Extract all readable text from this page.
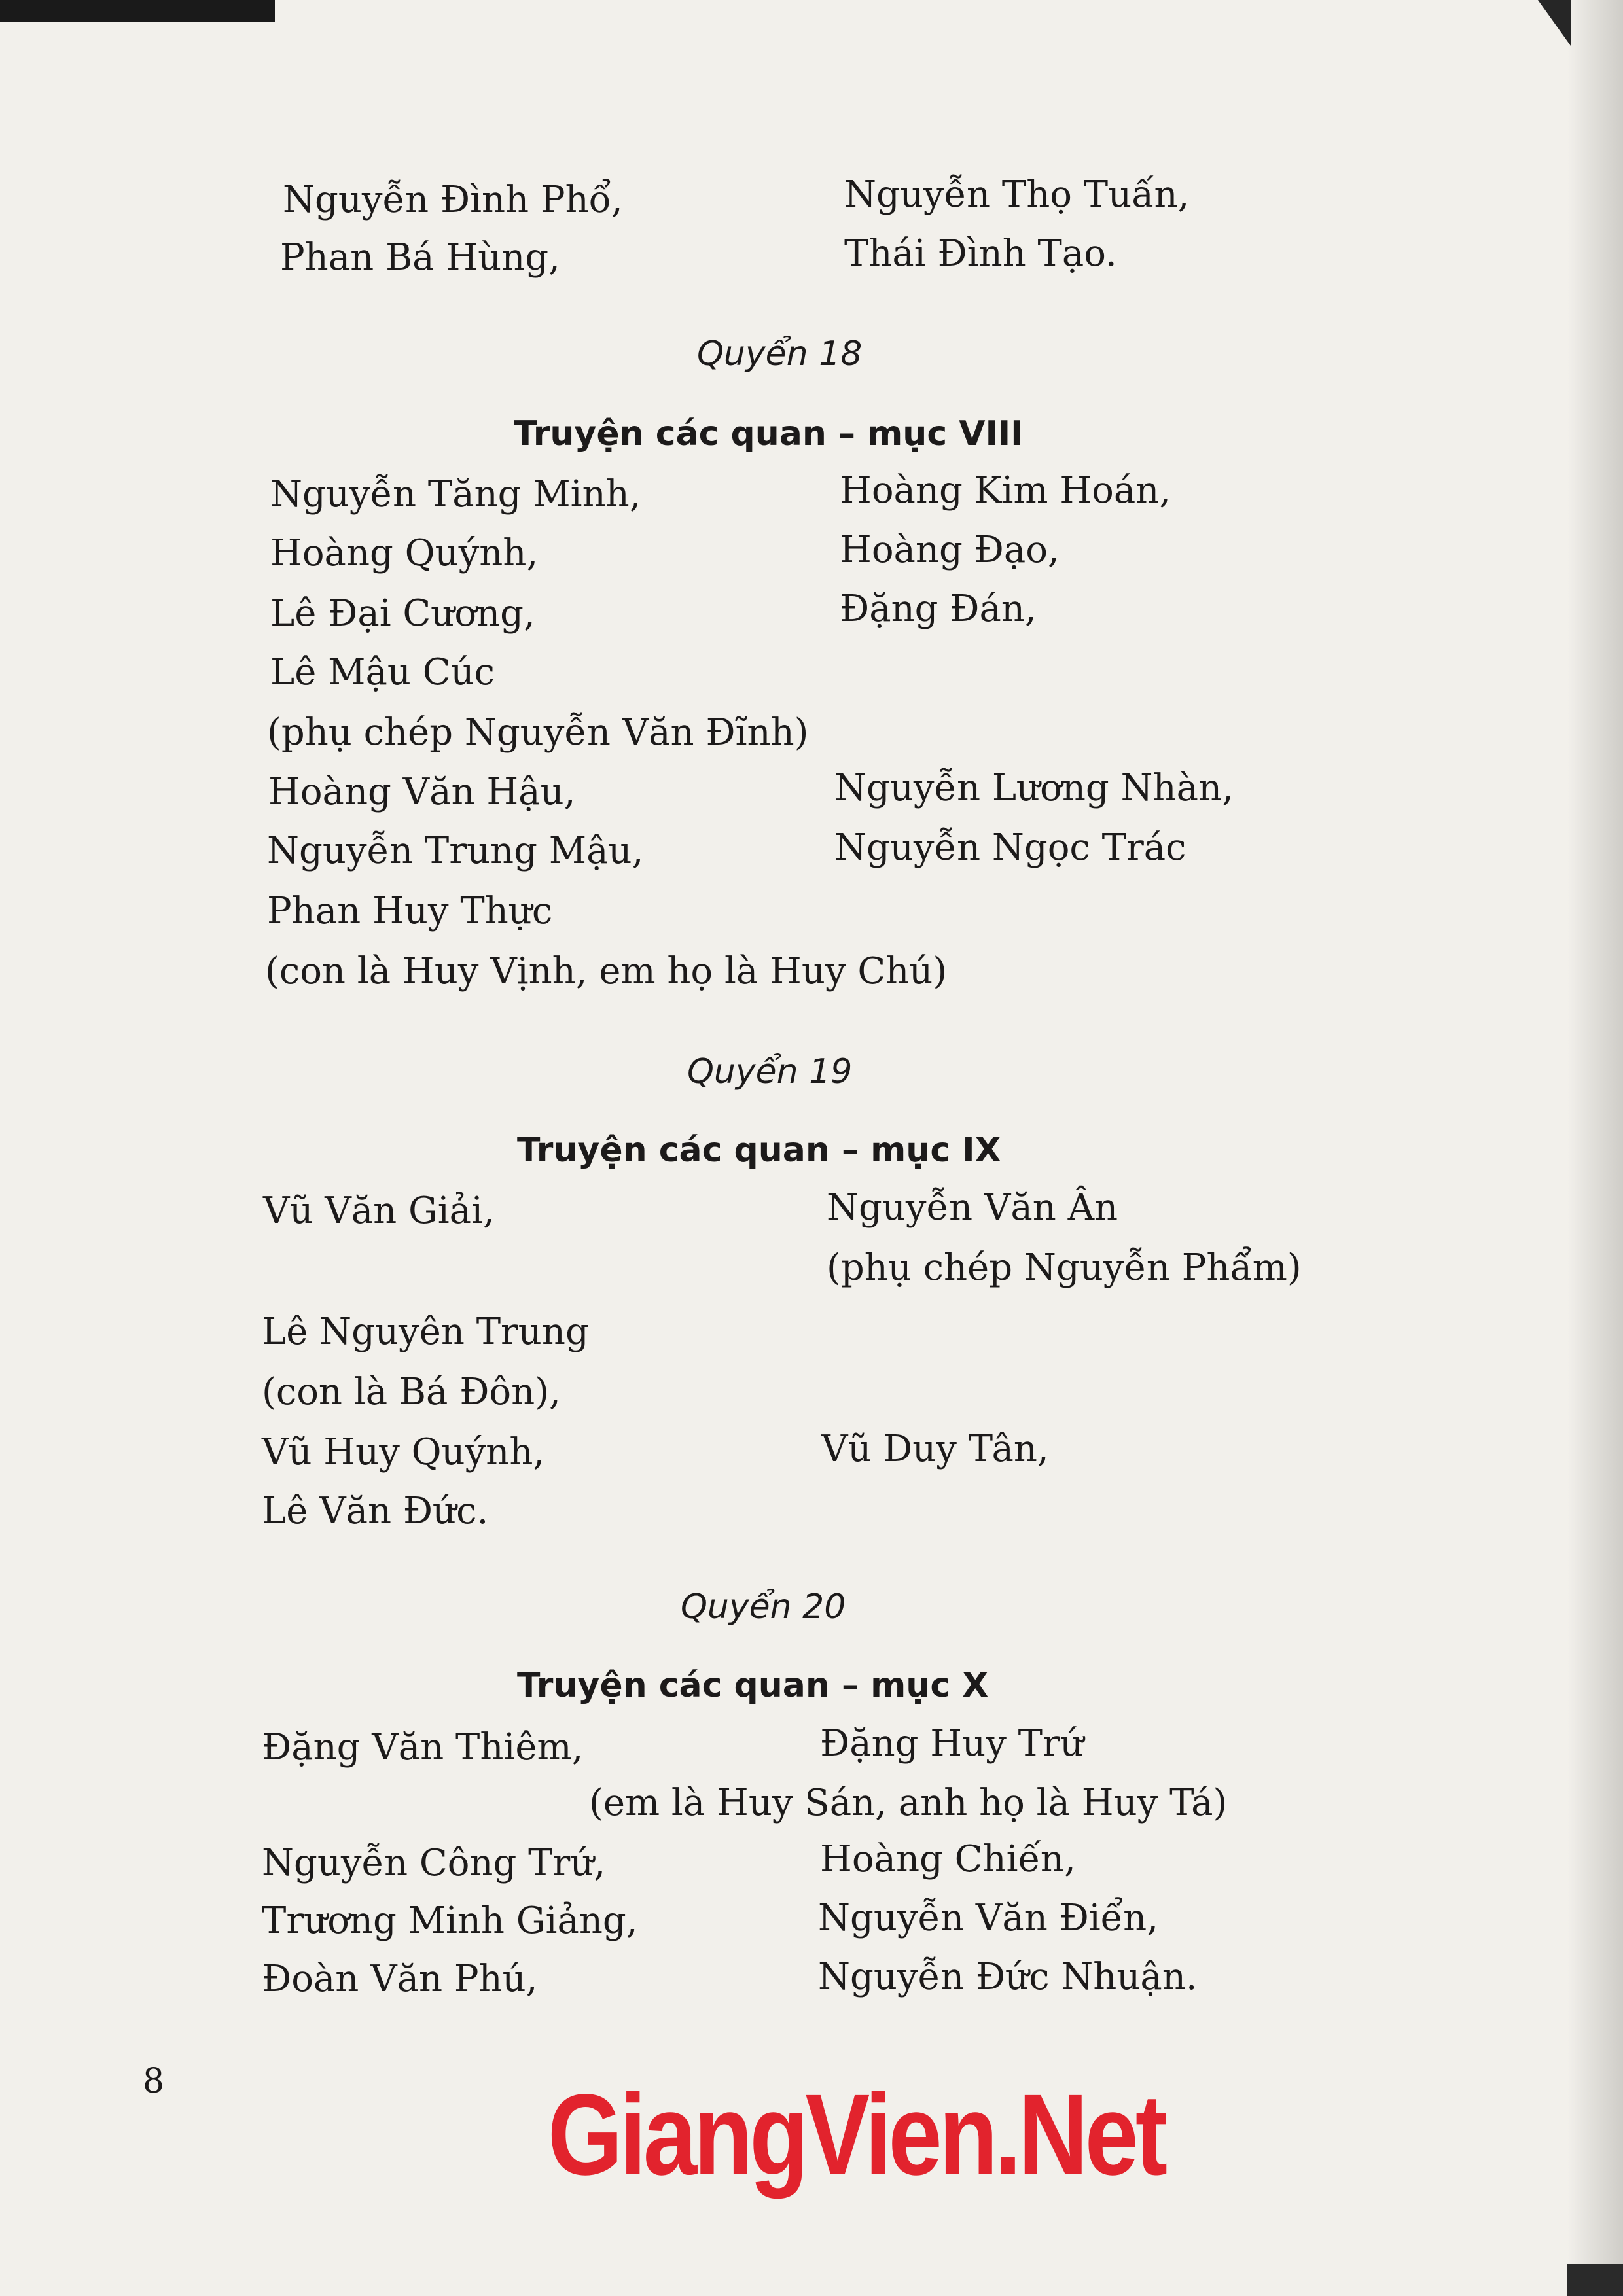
Nguyễn Đình Phổ,	Nguyễn Thọ Tuấn,
Phan Bá Hùng,	Thái Đình Tạo.
Quyển 18
Truyện các quan – mục VIII
Nguyễn Tăng Minh,	Hoàng Kim Hoán,
Hoàng Quýnh,	Hoàng Đạo,
Lê Đại Cương,	Đặng Đán,
Lê Mậu Cúc
(phụ chép Nguyễn Văn Đĩnh)
Hoàng Văn Hậu,	Nguyễn Lương Nhàn,
Nguyễn Trung Mậu,	Nguyễn Ngọc Trác
Phan Huy Thực
(con là Huy Vịnh, em họ là Huy Chú)
Quyển 19
Truyện các quan – mục IX
Vũ Văn Giải,	Nguyễn Văn Ân
(phụ chép Nguyễn Phẩm)
Lê Nguyên Trung
(con là Bá Đôn),
Vũ Huy Quýnh,	Vũ Duy Tân,
Lê Văn Đức.
Quyển 20
Truyện các quan – mục X
Đặng Văn Thiêm,	Đặng Huy Trứ
(em là Huy Sán, anh họ là Huy Tá)
Nguyễn Công Trứ,	Hoàng Chiến,
Trương Minh Giảng,	Nguyễn Văn Điển,
Đoàn Văn Phú,	Nguyễn Đức Nhuận.
8	GiangVien.Net
